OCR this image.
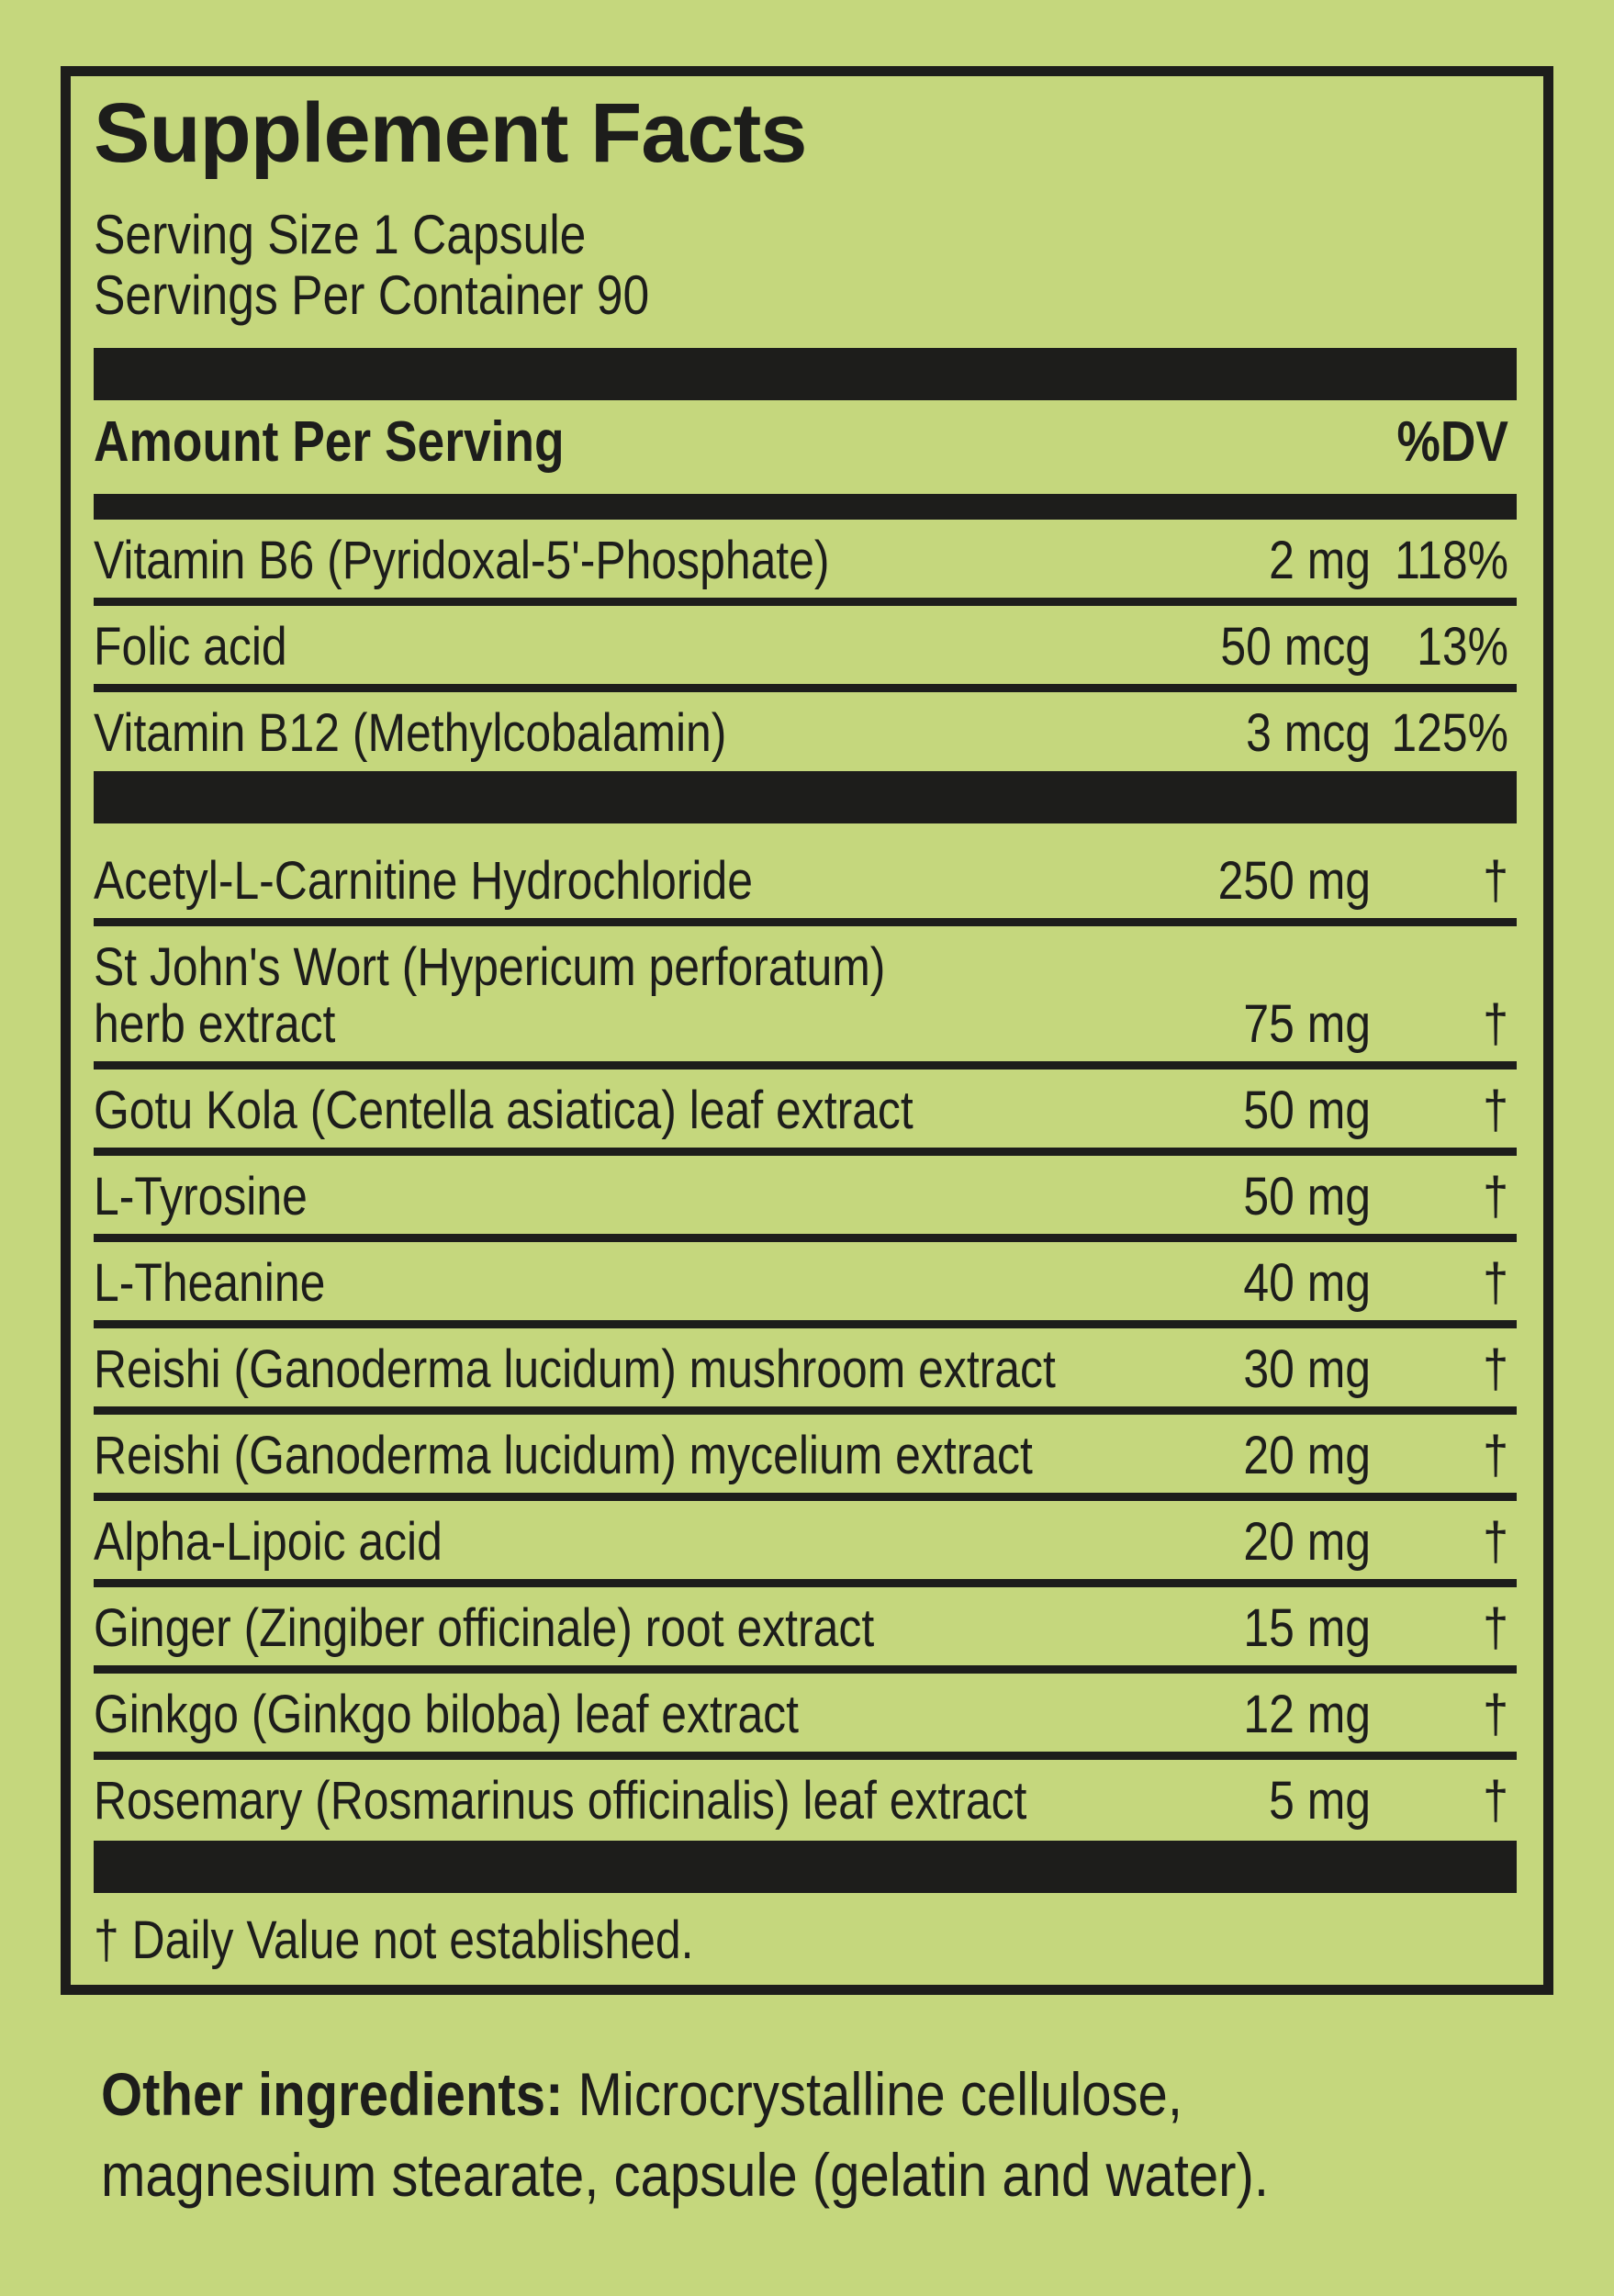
Supplement Facts
Serving Size 1 Capsule
Servings Per Container 90
Amount Per Serving	%DV
Vitamin B6 (Pyridoxal-5'-Phosphate)	2 mg 118%
Folic acid	50 mcg 13%
Vitamin B12 (Methylcobalamin)	3 mcg 125%
Acetyl-L-Carnitine Hydrochloride	250 mg	†
St John's Wort (Hypericum perforatum)
herb extract	75 mg	†
Gotu Kola (Centella asiatica) leaf extract	50 mg	†
L-Tyrosine	50 mg	†
L-Theanine	40 mg	†
Reishi (Ganoderma lucidum) mushroom extract	30 mg	†
Reishi (Ganoderma lucidum) mycelium extract	20 mg	†
Alpha-Lipoic acid	20 mg	†
Ginger (Zingiber officinale) root extract	15 mg	†
Ginkgo (Ginkgo biloba) leaf extract	12 mg	†
Rosemary (Rosmarinus officinalis) leaf extract	5 mg	†
† Daily Value not established.
Other ingredients: Microcrystalline cellulose,
magnesium stearate, capsule (gelatin and water).
